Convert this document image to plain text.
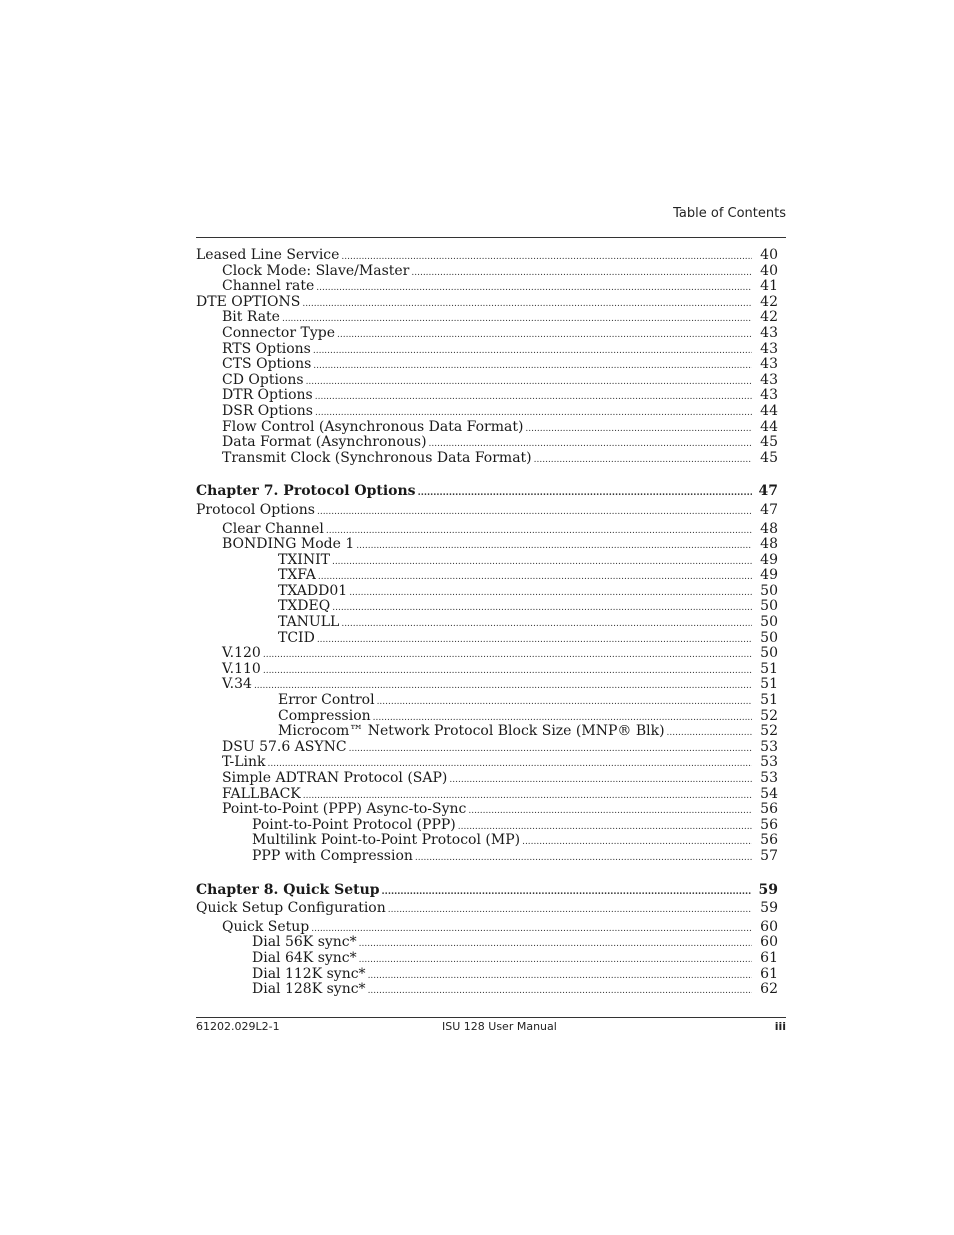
Table of Contents
Leased Line Service .....	40
Clock Mode: Slave/Master .....	40
Channel rate .....	41
DTE OPTIONS .....	42
Bit Rate .....	42
Connector Type .....	43
RTS Options .....	43
CTS Options .....	43
CD Options .....	43
DTR Options .....	43
DSR Options .....	44
Flow Control (Asynchronous Data Format) .....	44
Data Format (Asynchronous) .....	45
Transmit Clock (Synchronous Data Format) .....	45
Chapter 7. Protocol Options .....	47
Protocol Options .....	47
Clear Channel .....	48
BONDING Mode 1 .....	48
TXINIT .....	49
TXFA .....	49
TXADD01 .....	50
TXDEQ .....	50
TANULL .....	50
TCID .....	50
V.120 .....	50
V.110 .....	51
V.34 .....	51
Error Control .....	51
Compression .....	52
Microcom™ Network Protocol Block Size (MNP® Blk) .....	52
DSU 57.6 ASYNC .....	53
T-Link .....	53
Simple ADTRAN Protocol (SAP) .....	53
FALLBACK .....	54
Point-to-Point (PPP) Async-to-Sync .....	56
Point-to-Point Protocol (PPP) .....	56
Multilink Point-to-Point Protocol (MP) .....	56
PPP with Compression .....	57
Chapter 8. Quick Setup .....	59
Quick Setup Configuration .....	59
Quick Setup .....	60
Dial 56K sync* .....	60
Dial 64K sync* .....	61
Dial 112K sync* .....	61
Dial 128K sync* .....	62
61202.029L2-1	ISU 128 User Manual	iii
